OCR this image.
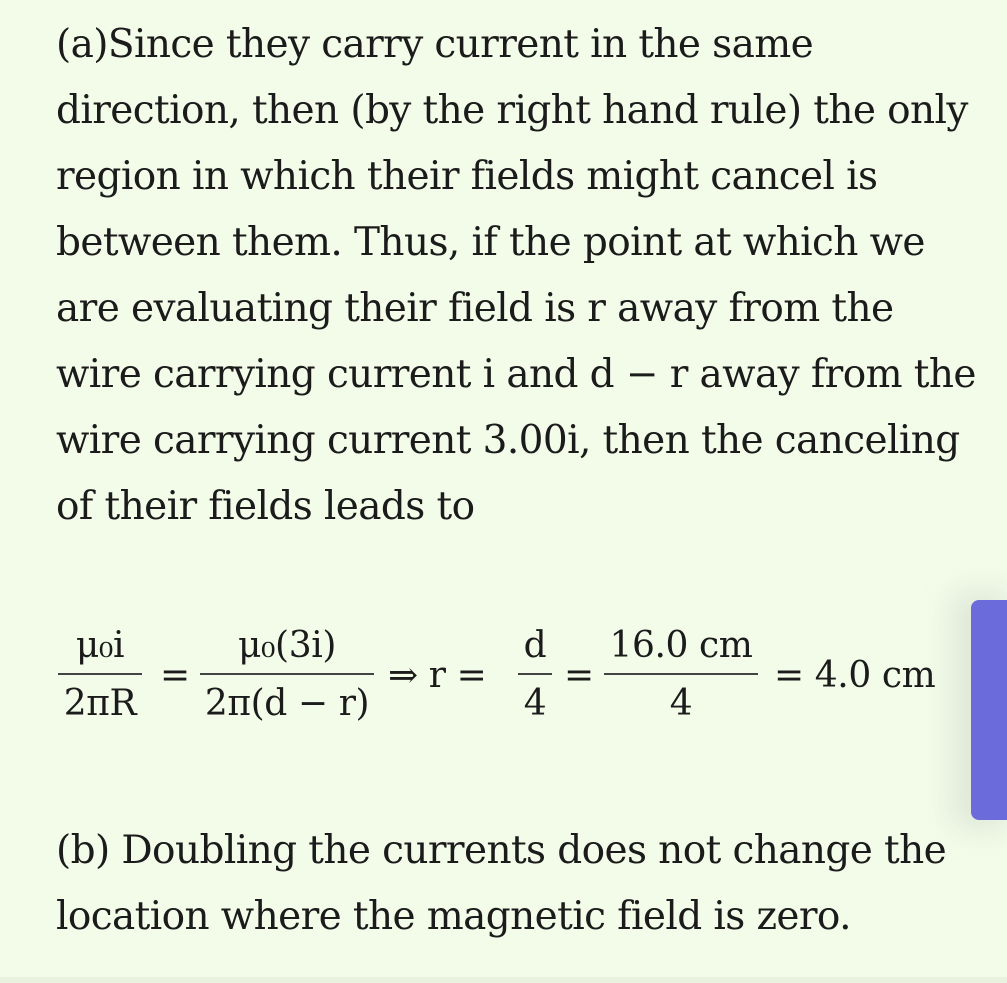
(a)Since they carry current in the same
direction, then (by the right hand rule) the only
region in which their fields might cancel is
between them. Thus, if the point at which we
are evaluating their field is r away from the
wire carrying current i and d − r away from the
wire carrying current 3.00i, then the canceling
of their fields leads to
μ₀i
2πR
=
μ₀(3i)
2π(d − r)
⇒ r =
d
4
=
16.0 cm
4
= 4.0 cm
(b) Doubling the currents does not change the
location where the magnetic field is zero.
